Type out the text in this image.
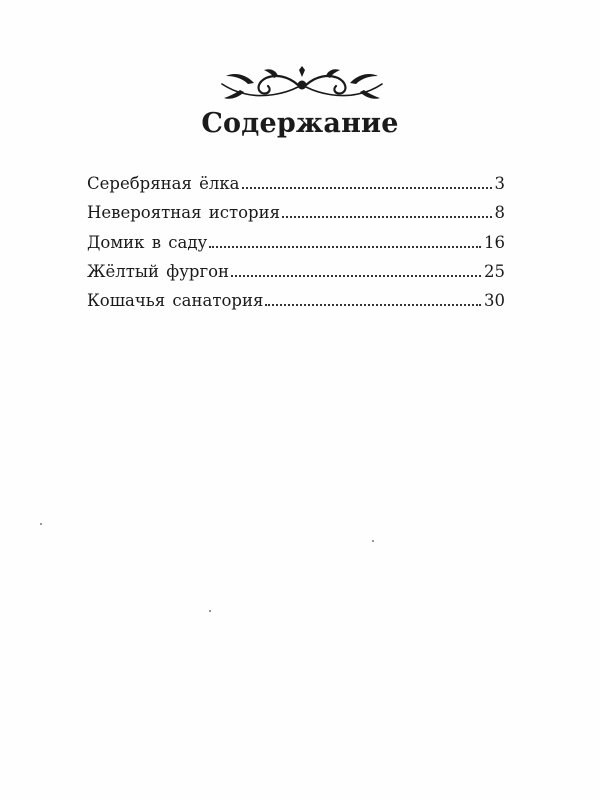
Содержание
Серебряная ёлка	3
Невероятная история	8
Домик в саду	16
Жёлтый фургон	25
Кошачья санатория	30
